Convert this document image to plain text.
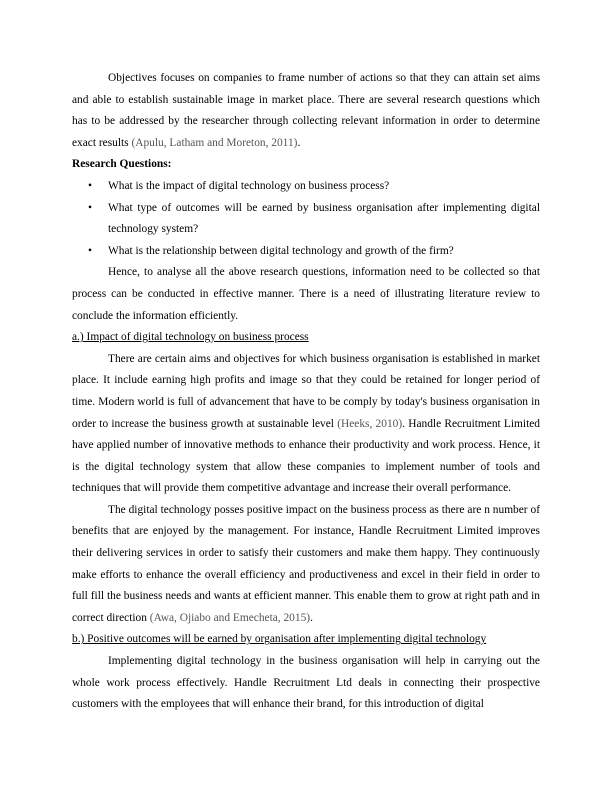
Objectives focuses on companies to frame number of actions so that they can attain set aims and able to establish sustainable image in market place. There are several research questions which has to be addressed by the researcher through collecting relevant information in order to determine exact results (Apulu, Latham and Moreton, 2011).

Research Questions:

• What is the impact of digital technology on business process?
• What type of outcomes will be earned by business organisation after implementing digital technology system?
• What is the relationship between digital technology and growth of the firm?

Hence, to analyse all the above research questions, information need to be collected so that process can be conducted in effective manner. There is a need of illustrating literature review to conclude the information efficiently.

a.) Impact of digital technology on business process

There are certain aims and objectives for which business organisation is established in market place. It include earning high profits and image so that they could be retained for longer period of time. Modern world is full of advancement that have to be comply by today's business organisation in order to increase the business growth at sustainable level (Heeks, 2010). Handle Recruitment Limited have applied number of innovative methods to enhance their productivity and work process. Hence, it is the digital technology system that allow these companies to implement number of tools and techniques that will provide them competitive advantage and increase their overall performance.

The digital technology posses positive impact on the business process as there are n number of benefits that are enjoyed by the management. For instance, Handle Recruitment Limited improves their delivering services in order to satisfy their customers and make them happy. They continuously make efforts to enhance the overall efficiency and productiveness and excel in their field in order to full fill the business needs and wants at efficient manner. This enable them to grow at right path and in correct direction (Awa, Ojiabo and Emecheta, 2015).

b.) Positive outcomes will be earned by organisation after implementing digital technology

Implementing digital technology in the business organisation will help in carrying out the whole work process effectively. Handle Recruitment Ltd deals in connecting their prospective customers with the employees that will enhance their brand, for this introduction of digital
